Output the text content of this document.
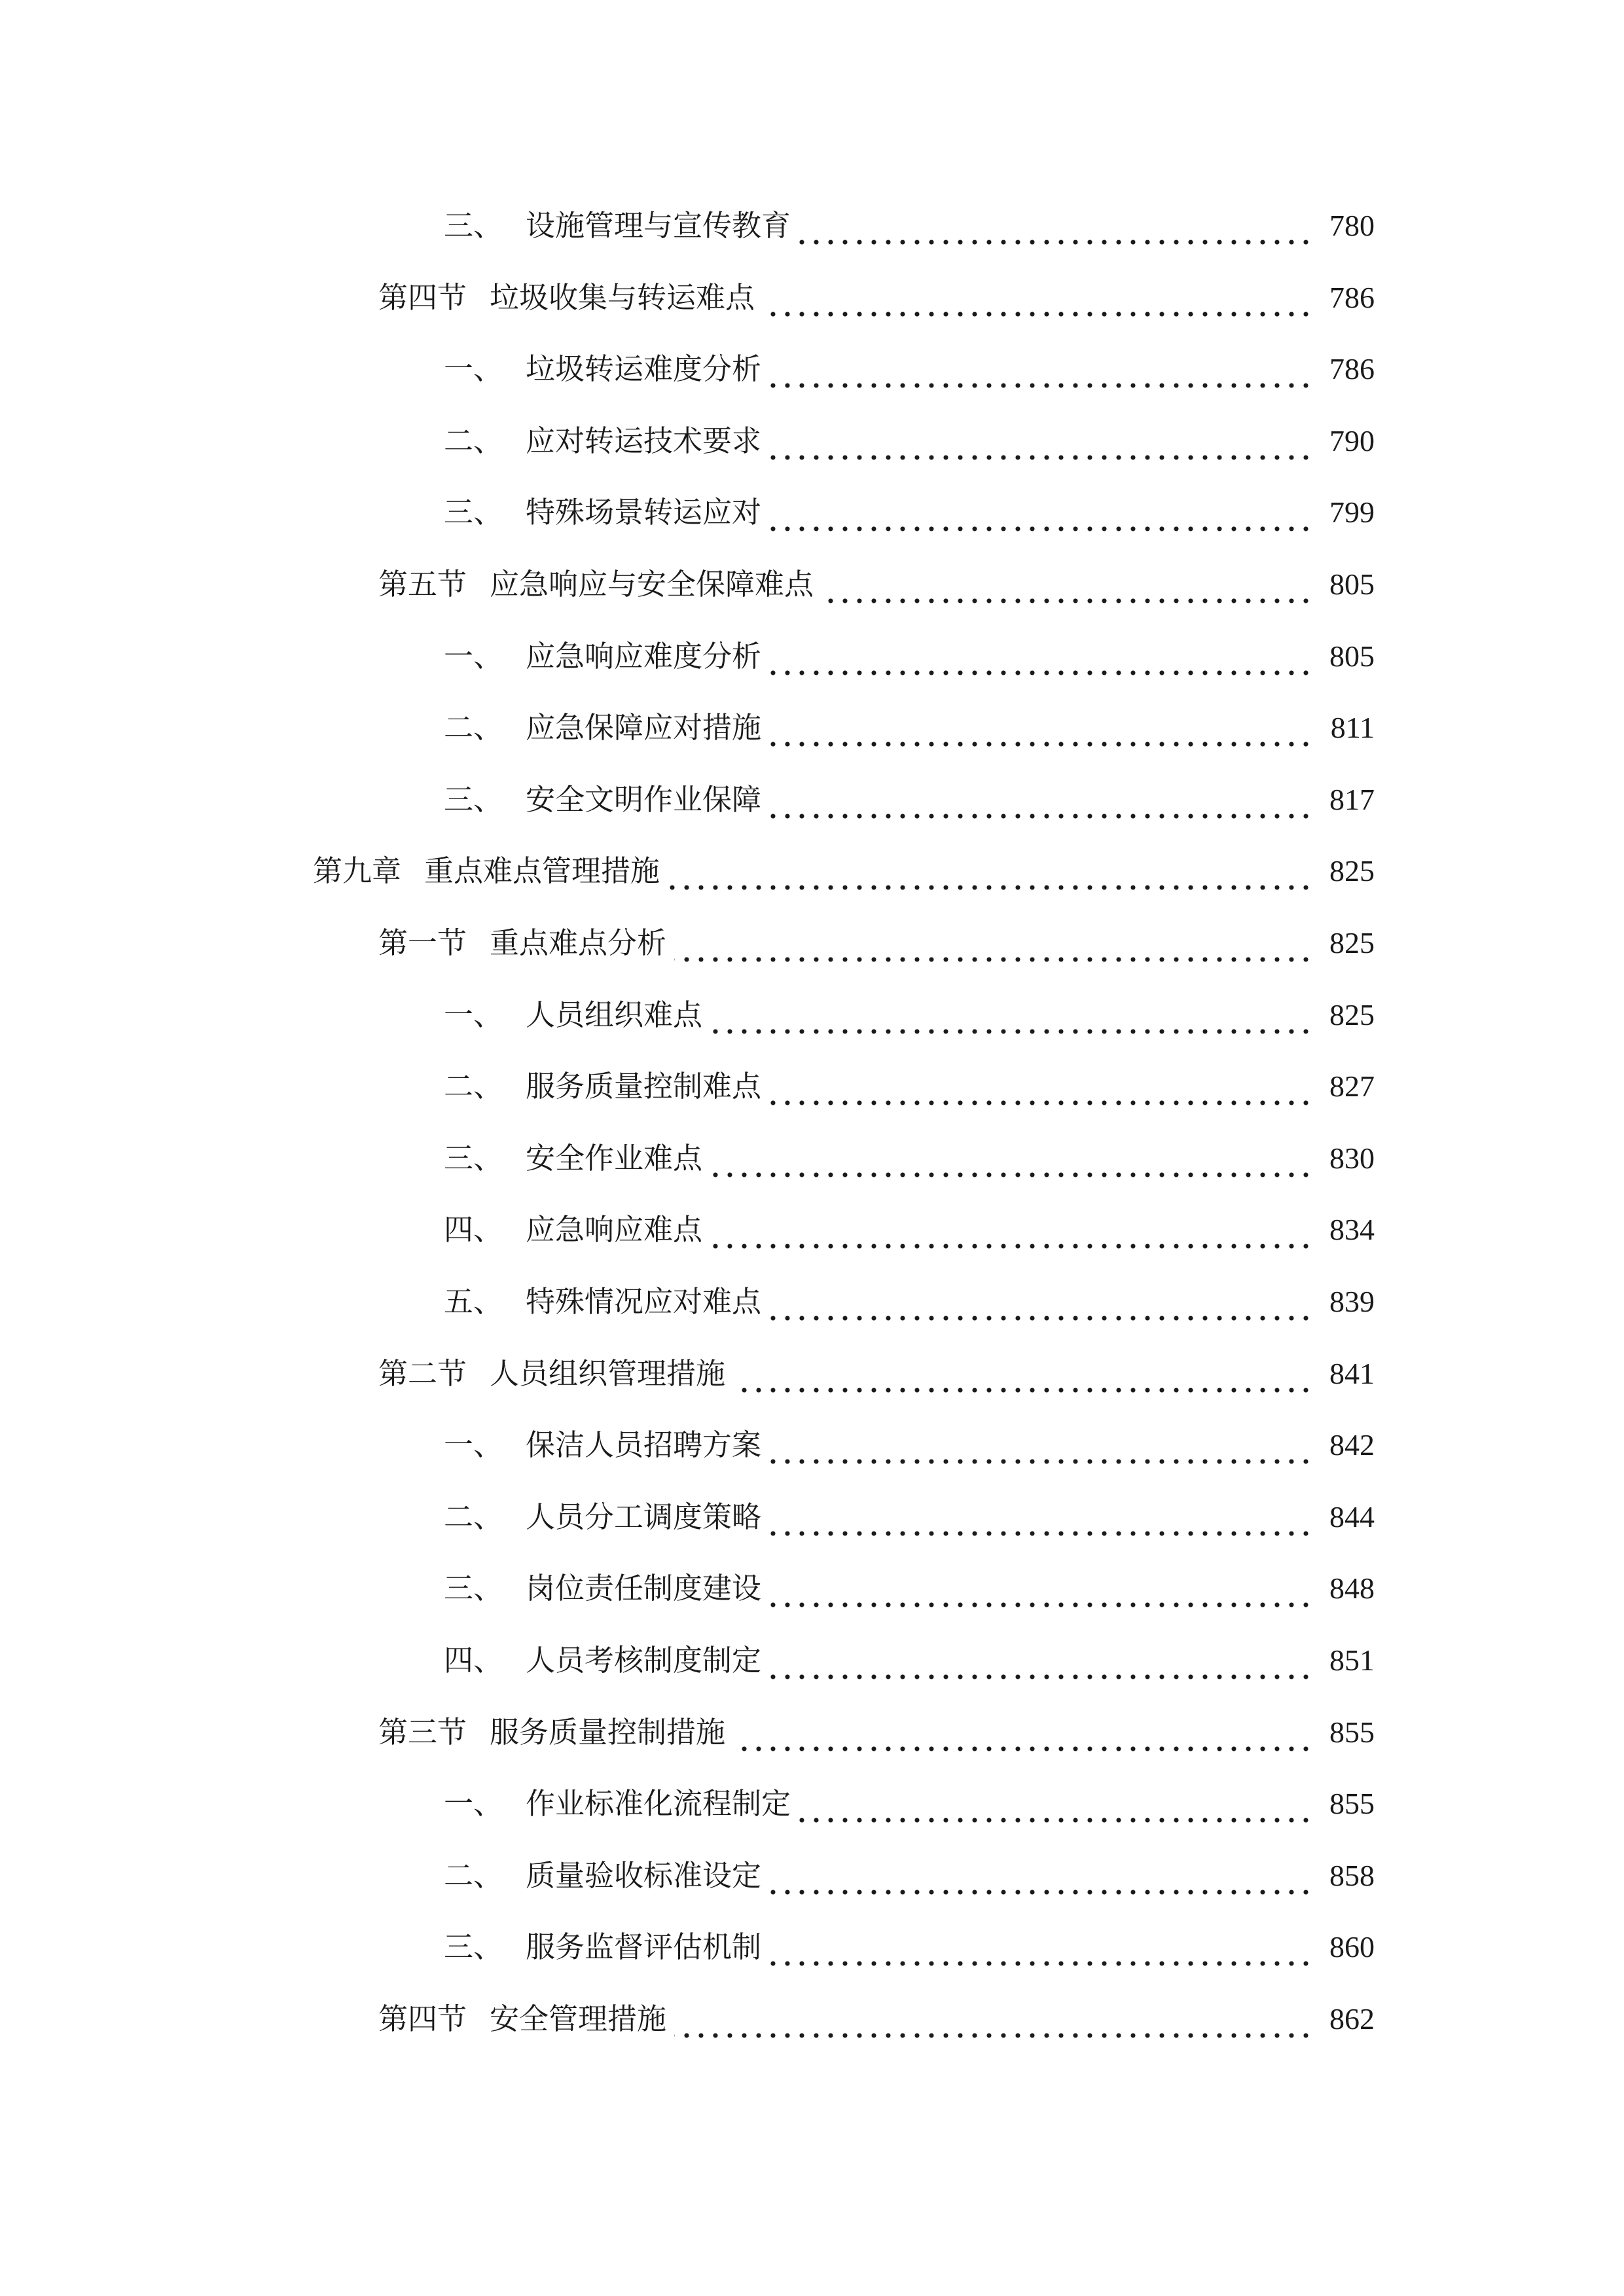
三、 设施管理与宣传教育	780
第四节 垃圾收集与转运难点	786
一、 垃圾转运难度分析	786
二、 应对转运技术要求	790
三、 特殊场景转运应对	799
第五节 应急响应与安全保障难点	805
一、 应急响应难度分析	805
二、 应急保障应对措施	811
三、 安全文明作业保障	817
第九章 重点难点管理措施	825
第一节 重点难点分析	825
一、 人员组织难点	825
二、 服务质量控制难点	827
三、 安全作业难点	830
四、 应急响应难点	834
五、 特殊情况应对难点	839
第二节 人员组织管理措施	841
一、 保洁人员招聘方案	842
二、 人员分工调度策略	844
三、 岗位责任制度建设	848
四、 人员考核制度制定	851
第三节 服务质量控制措施	855
一、 作业标准化流程制定	855
二、 质量验收标准设定	858
三、 服务监督评估机制	860
第四节 安全管理措施	862
